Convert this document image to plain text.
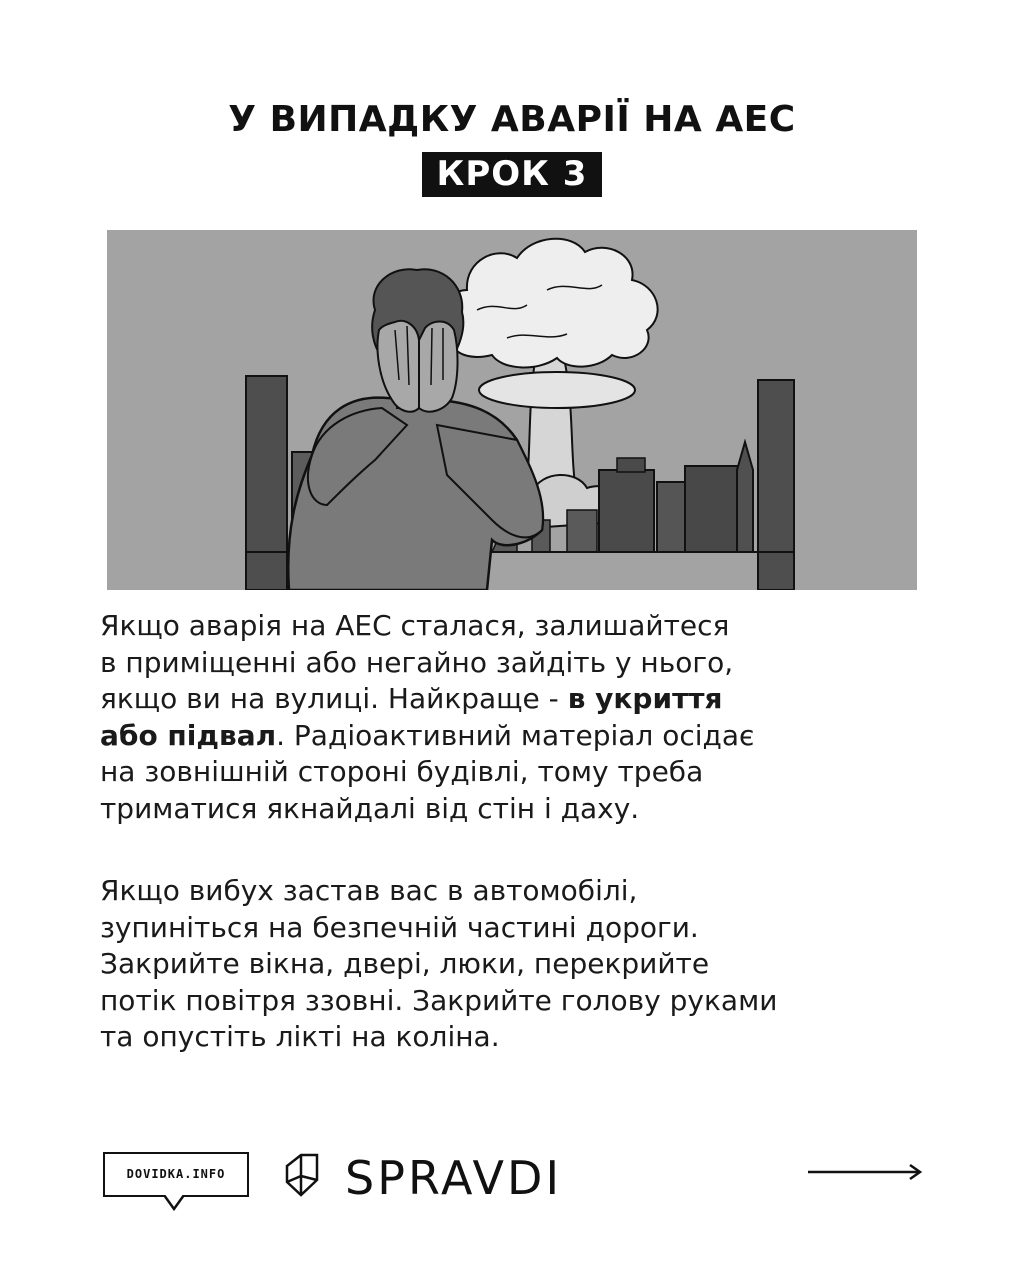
У ВИПАДКУ АВАРІЇ НА АЕС
КРОК 3

Якщо аварія на АЕС сталася, залишайтеся
в приміщенні або негайно зайдіть у нього,
якщо ви на вулиці. Найкраще - в укриття
або підвал. Радіоактивний матеріал осідає
на зовнішній стороні будівлі, тому треба
триматися якнайдалі від стін і даху.

Якщо вибух застав вас в автомобілі,
зупиніться на безпечній частині дороги.
Закрийте вікна, двері, люки, перекрийте
потік повітря ззовні. Закрийте голову руками
та опустіть лікті на коліна.

DOVIDKA.INFO	SPRAVDI
